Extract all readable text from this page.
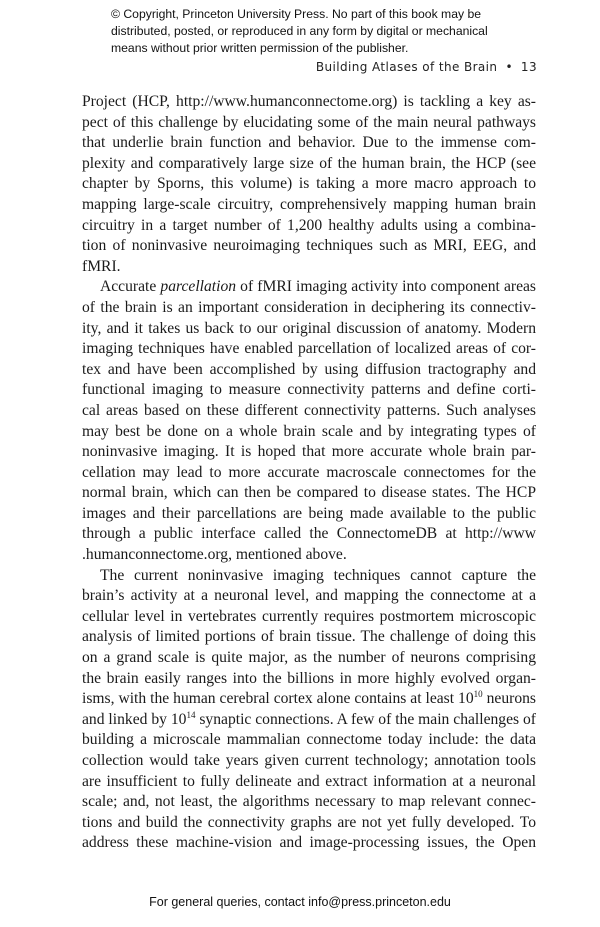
© Copyright, Princeton University Press. No part of this book may be
distributed, posted, or reproduced in any form by digital or mechanical
means without prior written permission of the publisher.
Building Atlases of the Brain • 13

Project (HCP, http://www.humanconnectome.org) is tackling a key as-
pect of this challenge by elucidating some of the main neural pathways
that underlie brain function and behavior. Due to the immense com-
plexity and comparatively large size of the human brain, the HCP (see
chapter by Sporns, this volume) is taking a more macro approach to
mapping large-scale circuitry, comprehensively mapping human brain
circuitry in a target number of 1,200 healthy adults using a combina-
tion of noninvasive neuroimaging techniques such as MRI, EEG, and
fMRI.

Accurate parcellation of fMRI imaging activity into component areas
of the brain is an important consideration in deciphering its connectiv-
ity, and it takes us back to our original discussion of anatomy. Modern
imaging techniques have enabled parcellation of localized areas of cor-
tex and have been accomplished by using diffusion tractography and
functional imaging to measure connectivity patterns and define corti-
cal areas based on these different connectivity patterns. Such analyses
may best be done on a whole brain scale and by integrating types of
noninvasive imaging. It is hoped that more accurate whole brain par-
cellation may lead to more accurate macroscale connectomes for the
normal brain, which can then be compared to disease states. The HCP
images and their parcellations are being made available to the public
through a public interface called the ConnectomeDB at http://www
.humanconnectome.org, mentioned above.

The current noninvasive imaging techniques cannot capture the
brain’s activity at a neuronal level, and mapping the connectome at a
cellular level in vertebrates currently requires postmortem microscopic
analysis of limited portions of brain tissue. The challenge of doing this
on a grand scale is quite major, as the number of neurons comprising
the brain easily ranges into the billions in more highly evolved organ-
isms, with the human cerebral cortex alone contains at least $10^{10}$ neurons
and linked by $10^{14}$ synaptic connections. A few of the main challenges of
building a microscale mammalian connectome today include: the data
collection would take years given current technology; annotation tools
are insufficient to fully delineate and extract information at a neuronal
scale; and, not least, the algorithms necessary to map relevant connec-
tions and build the connectivity graphs are not yet fully developed. To
address these machine-vision and image-processing issues, the Open

For general queries, contact info@press.princeton.edu
